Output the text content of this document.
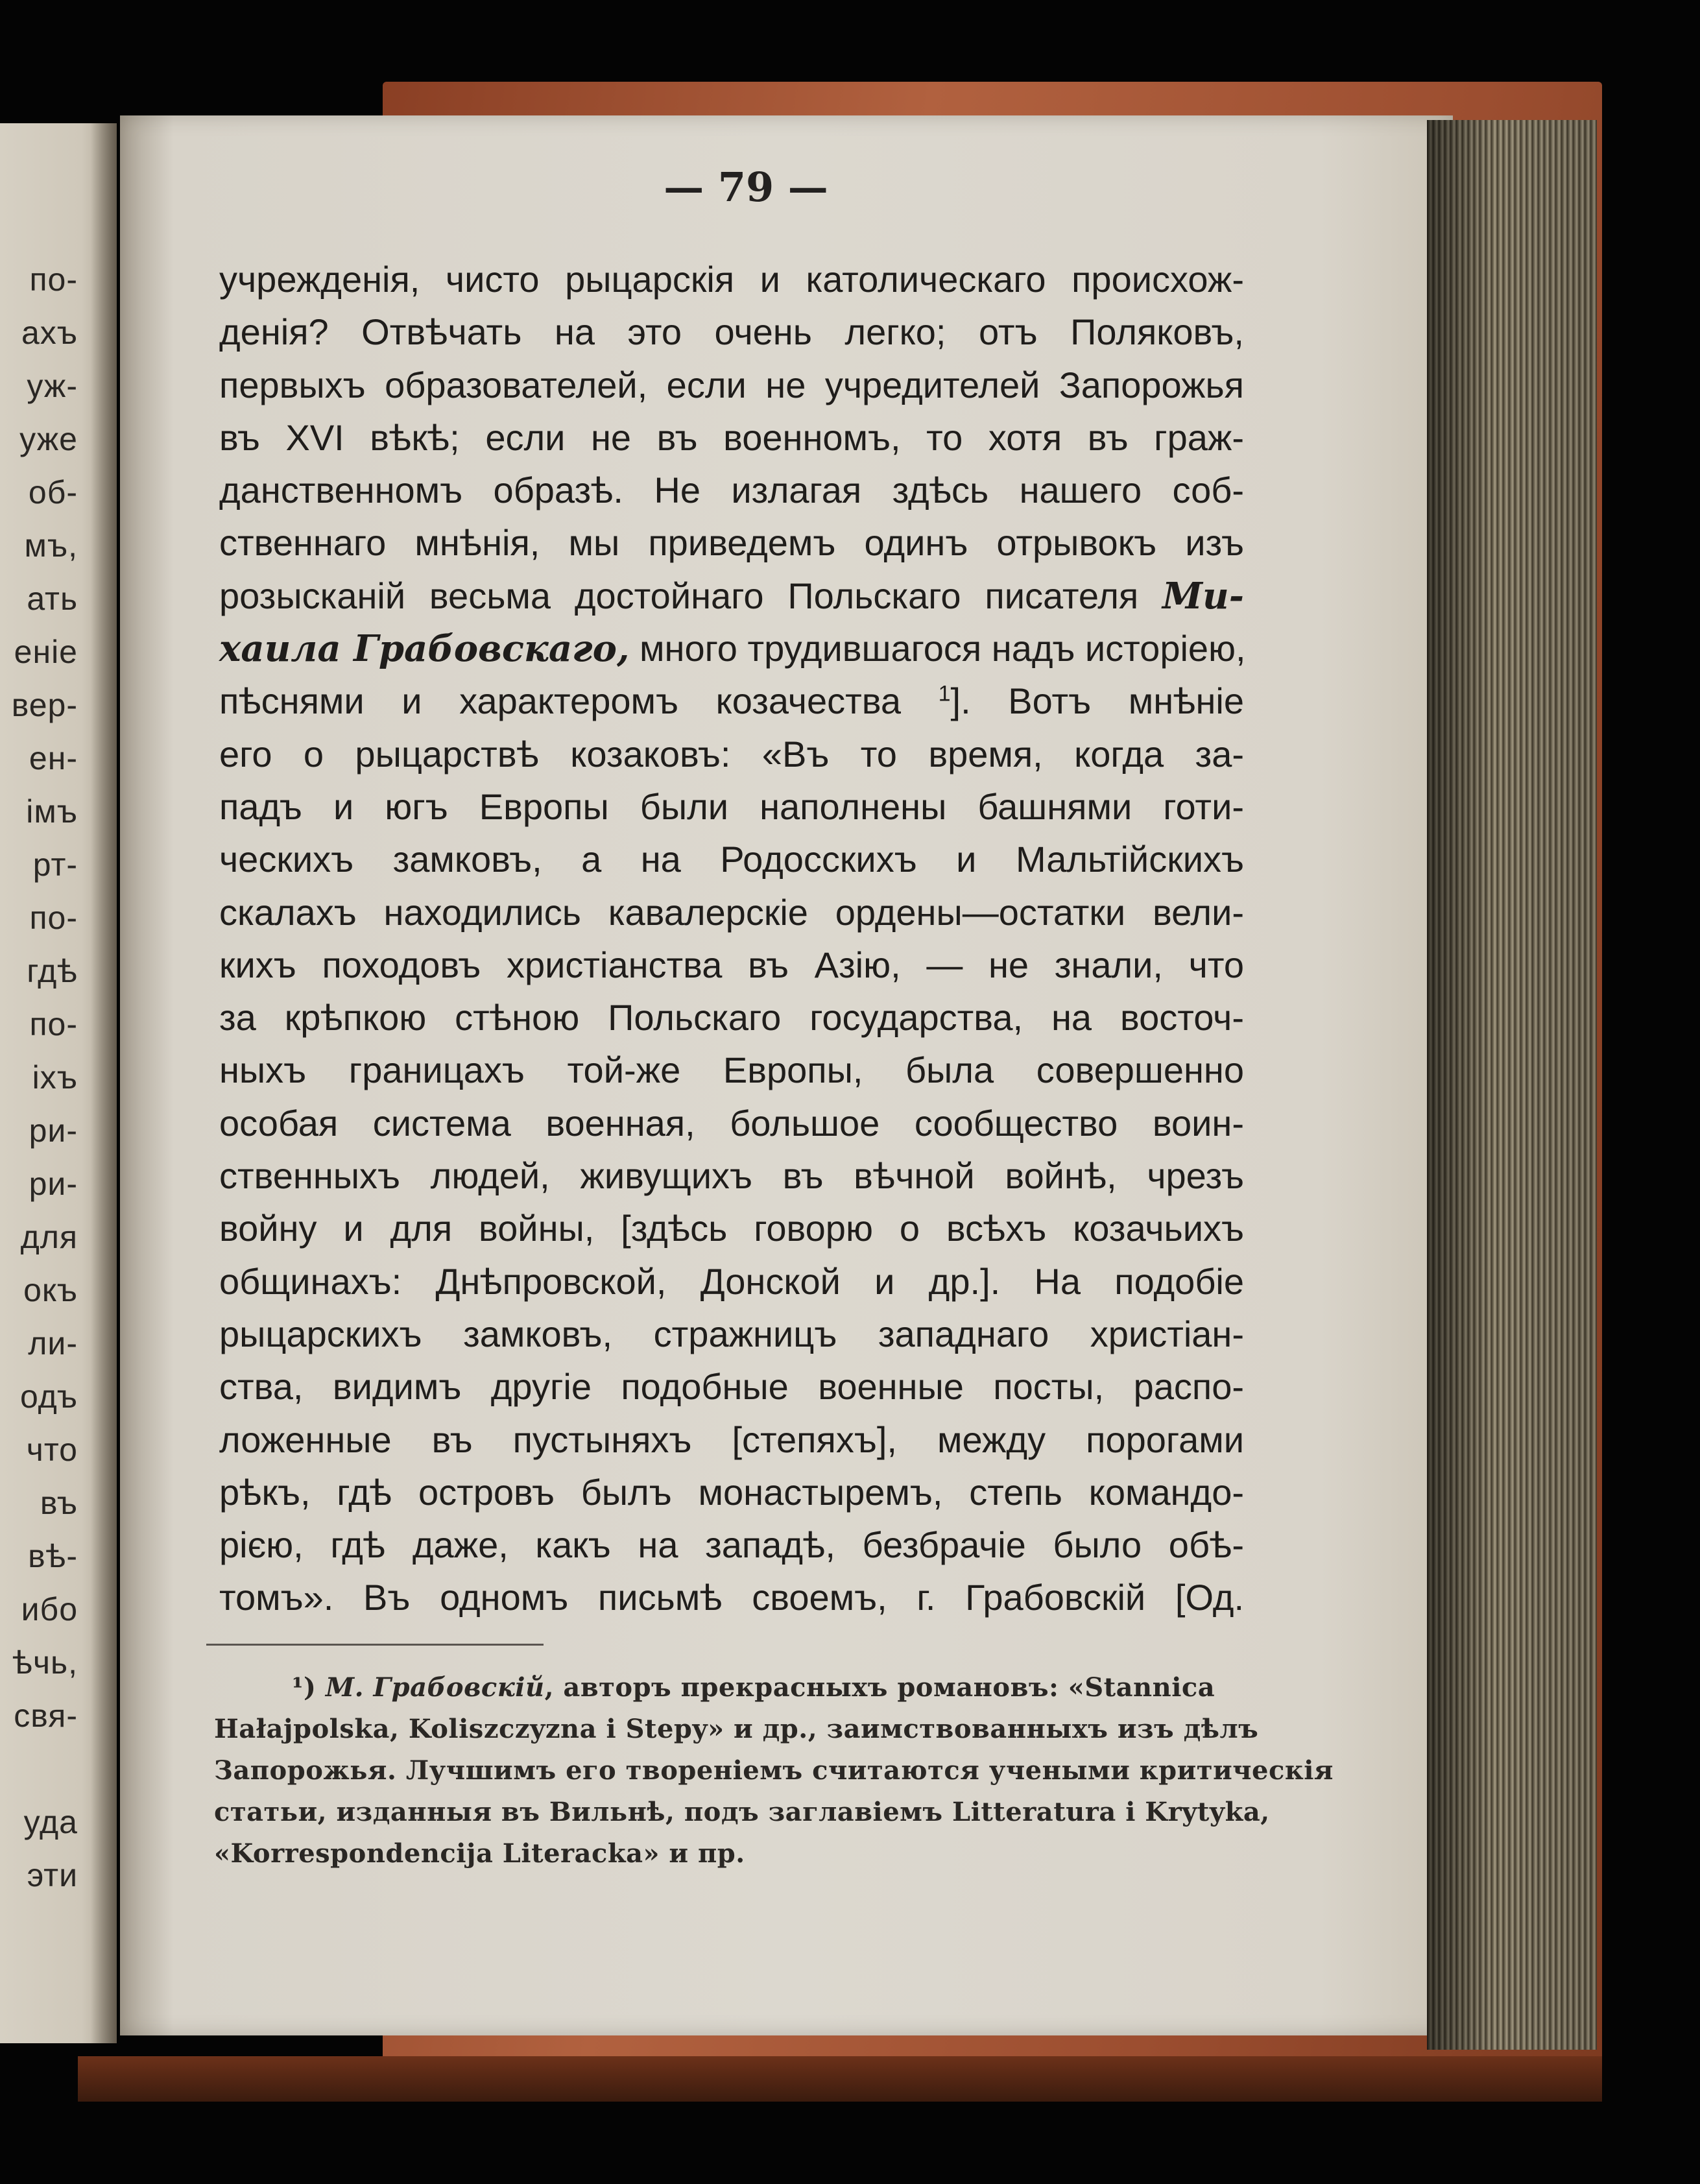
по-
ахъ
уж-
уже
об-
мъ,
ать
еніе
вер-
ен-
імъ
рт-
по-
гдѣ
по-
іхъ
ри-
ри-
для
окъ
ли-
одъ
что
въ
вѣ-
ибо
ѣчь,
свя-
уда
эти
— 79 —
учрежденія, чисто рыцарскія и католическаго происхож-
денія? Отвѣчать на это очень легко; отъ Поляковъ,
первыхъ образователей, если не учредителей Запорожья
въ XVI вѣкѣ; если не въ военномъ, то хотя въ граж-
данственномъ образѣ. Не излагая здѣсь нашего соб-
ственнаго мнѣнія, мы приведемъ одинъ отрывокъ изъ
розысканій весьма достойнаго Польскаго писателя Ми-
хаила Грабовскаго, много трудившагося надъ исторіею,
пѣснями и характеромъ козачества $^1$]. Вотъ мнѣніе
его о рыцарствѣ козаковъ: «Въ то время, когда за-
падъ и югъ Европы были наполнены башнями готи-
ческихъ замковъ, а на Родосскихъ и Мальтійскихъ
скалахъ находились кавалерскіе ордены—остатки вели-
кихъ походовъ христіанства въ Азію, — не знали, что
за крѣпкою стѣною Польскаго государства, на восточ-
ныхъ границахъ той-же Европы, была совершенно
особая система военная, большое сообщество воин-
ственныхъ людей, живущихъ въ вѣчной войнѣ, чрезъ
войну и для войны, [здѣсь говорю о всѣхъ козачьихъ
общинахъ: Днѣпровской, Донской и др.]. На подобіе
рыцарскихъ замковъ, стражницъ западнаго христіан-
ства, видимъ другіе подобные военные посты, распо-
ложенные въ пустыняхъ [степяхъ], между порогами
рѣкъ, гдѣ островъ былъ монастыремъ, степь командо-
рією, гдѣ даже, какъ на западѣ, безбрачіе было обѣ-
томъ». Въ одномъ письмѣ своемъ, г. Грабовскій [Од.
¹) М. Грабовскій, авторъ прекрасныхъ романовъ: «Stannica
Hałajpolska, Koliszczyzna i Stepy» и др., заимствованныхъ изъ дѣлъ
Запорожья. Лучшимъ его твореніемъ считаются учеными критическія
статьи, изданныя въ Вильнѣ, подъ заглавіемъ Litteratura i Krytyka,
«Korrespondencija Literacka» и пр.
